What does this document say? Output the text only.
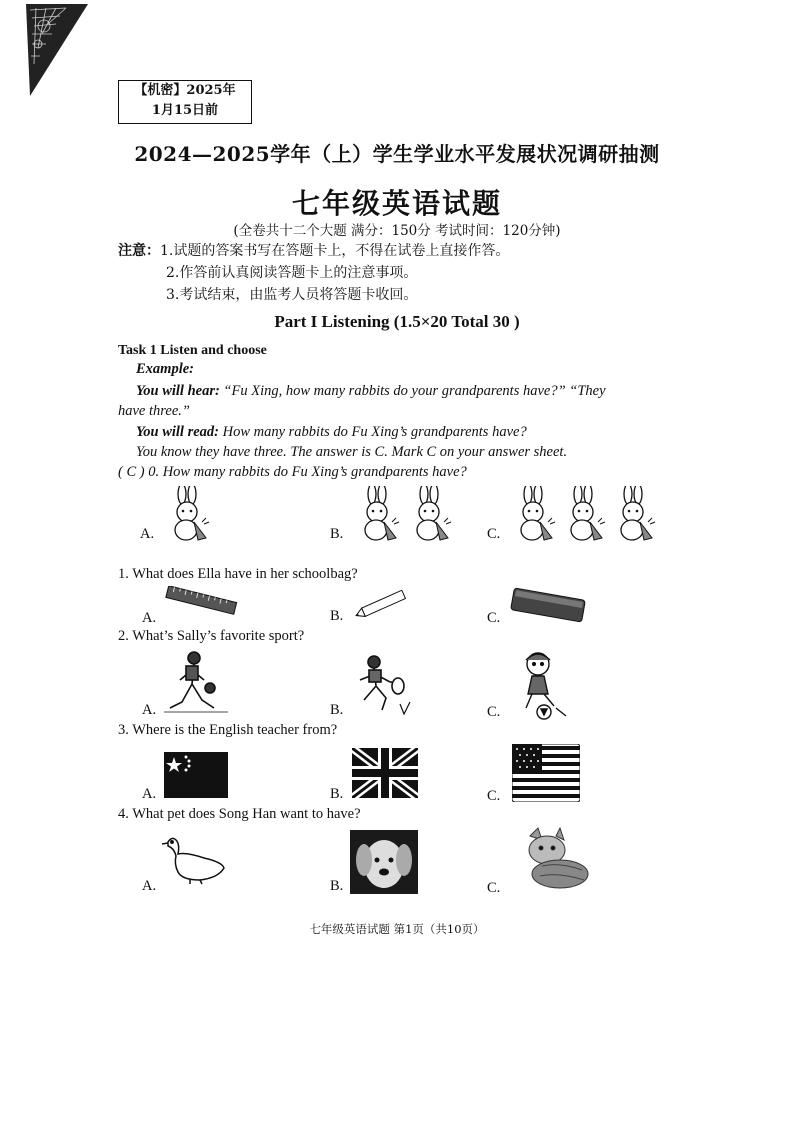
【机密】2025年
1月15日前
2024—2025学年（上）学生学业水平发展状况调研抽测
七年级英语试题
(全卷共十二个大题 满分：150分 考试时间：120分钟)
注意：1.试题的答案书写在答题卡上，不得在试卷上直接作答。
2.作答前认真阅读答题卡上的注意事项。
3.考试结束，由监考人员将答题卡收回。
Part I Listening (1.5×20 Total 30 )
Task 1 Listen and choose
Example:
You will hear: “Fu Xing, how many rabbits do your grandparents have?” “They
have three.”
You will read: How many rabbits do Fu Xing’s grandparents have?
You know they have three. The answer is C. Mark C on your answer sheet.
( C ) 0. How many rabbits do Fu Xing’s grandparents have?
A.	B.	C.
1. What does Ella have in her schoolbag?
A.	B.	C.
2. What’s Sally’s favorite sport?
A.	B.	C.
3. Where is the English teacher from?
A.	B.	C.
4. What pet does Song Han want to have?
A.	B.	C.
七年级英语试题 第1页（共10页）
